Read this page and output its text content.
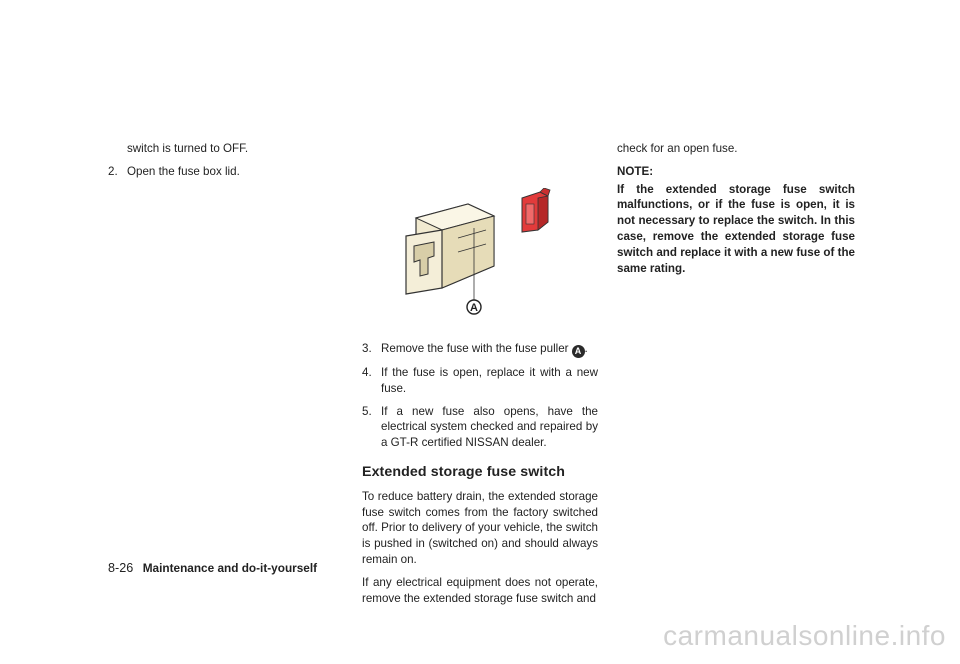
switch is turned to OFF.

2. Open the fuse box lid.
A
3. Remove the fuse with the fuse puller A .
4. If the fuse is open, replace it with a new fuse.
5. If a new fuse also opens, have the electrical system checked and repaired by a GT-R certified NISSAN dealer.
Extended storage fuse switch

To reduce battery drain, the extended storage fuse switch comes from the factory switched off. Prior to delivery of your vehicle, the switch is pushed in (switched on) and should always remain on.

If any electrical equipment does not operate, remove the extended storage fuse switch and

check for an open fuse.

NOTE:

If the extended storage fuse switch malfunctions, or if the fuse is open, it is not necessary to replace the switch. In this case, remove the extended storage fuse switch and replace it with a new fuse of the same rating.

8-26 Maintenance and do-it-yourself
carmanualsonline.info
